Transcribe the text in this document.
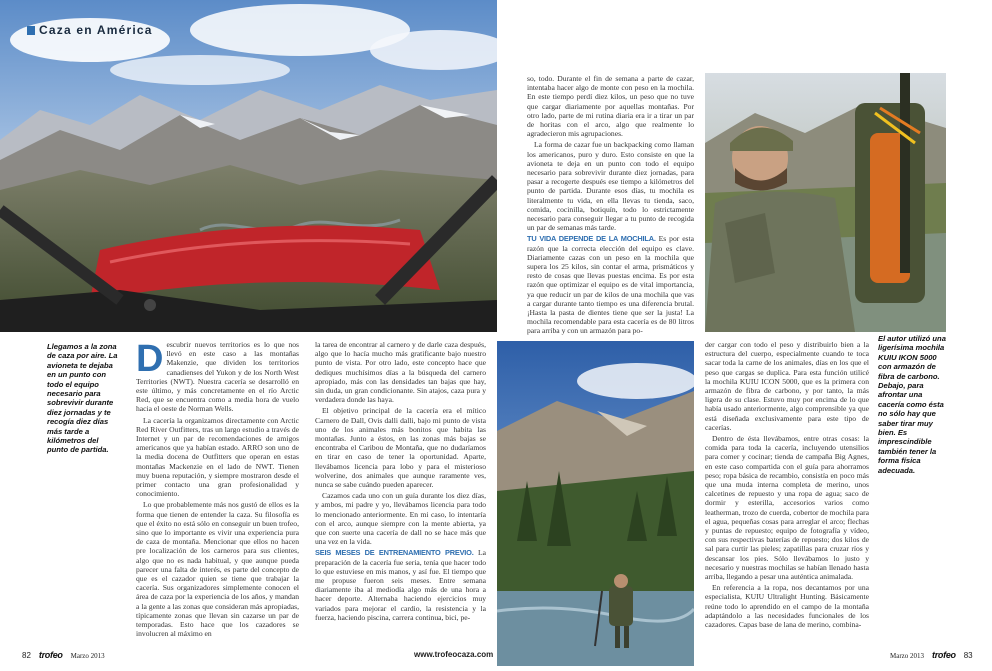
Caza en América
Llegamos a la zona de caza por aire. La avioneta te dejaba en un punto con todo el equipo necesario para sobrevivir durante diez jornadas y te recogía diez días más tarde a kilómetros del punto de partida.
El autor utilizó una ligerísima mochila KUIU IKON 5000 con armazón de fibra de carbono. Debajo, para afrontar una cacería como ésta no sólo hay que saber tirar muy bien. Es imprescindible también tener la forma física adecuada.

Descubrir nuevos territorios es lo que nos llevó en este caso a las montañas Makenzie, que dividen los territorios canadienses del Yukon y de los North West Territories (NWT). Nuestra cacería se desarrolló en este último, y más concretamente en el río Arctic Red, que se encuentra como a media hora de vuelo hacia el oeste de Norman Wells.

La cacería la organizamos directamente con Arctic Red River Outfitters, tras un largo estudio a través de Internet y un par de recomendaciones de amigos americanos que ya habían estado. ARRO son uno de la media docena de Outfitters que operan en estas montañas Mackenzie en el lado de NWT. Tienen muy buena reputación, y siempre mostraron desde el primer contacto una gran profesionalidad y conocimiento.

Lo que probablemente más nos gustó de ellos es la forma que tienen de entender la caza. Su filosofía es que el éxito no está sólo en conseguir un buen trofeo, sino que lo importante es vivir una experiencia pura de caza de montaña. Mencionar que ellos no hacen pre localización de los carneros para sus clientes, algo que no es nada habitual, y que aunque pueda parecer una falta de interés, es parte del concepto de que es el cazador quien se tiene que trabajar la cacería. Sus organizadores simplemente conocen el área de caza por la experiencia de los años, y mandan a la gente a las zonas que consideran más apropiadas, típicamente zonas que llevan sin cazarse un par de temporadas. Esto hace que los cazadores se involucren al máximo en

la tarea de encontrar al carnero y de darle caza después, algo que lo hacía mucho más gratificante bajo nuestro punto de vista. Por otro lado, este concepto hace que dediques muchísimos días a la búsqueda del carnero apropiado, más con las densidades tan bajas que hay, sin duda, un gran condicionante. Sin atajos, caza pura y verdadera donde las haya.

El objetivo principal de la cacería era el mítico Carnero de Dall, Ovis dalli dalli, bajo mi punto de vista uno de los animales más bonitos que habita las montañas. Junto a éstos, en las zonas más bajas se encontraba el Caribou de Montaña, que no dudaríamos en tirar en caso de tener la oportunidad. Aparte, llevábamos licencia para lobo y para el misterioso wolverine, dos animales que aunque raramente ves, nunca se sabe cuándo pueden aparecer.

Cazamos cada uno con un guía durante los diez días, y ambos, mi padre y yo, llevábamos licencia para todo lo mencionado anteriormente. En mi caso, lo intentaría con el arco, aunque siempre con la mente abierta, ya que con suerte una cacería de dall no se hace más que una vez en la vida.

SEIS MESES DE ENTRENAMIENTO PREVIO. La preparación de la cacería fue seria, tenía que hacer todo lo que estuviese en mis manos, y así fue. El tiempo que me propuse fueron seis meses. Entre semana diariamente iba al mediodía algo más de una hora a hacer deporte. Alternaba haciendo ejercicios muy variados para mejorar el cardio, la resistencia y la fuerza, haciendo piscina, carrera continua, bici, pe-

so, todo. Durante el fin de semana a parte de cazar, intentaba hacer algo de monte con peso en la mochila. En este tiempo perdí diez kilos, un peso que no tuve que cargar diariamente por aquellas montañas. Por otro lado, parte de mi rutina diaria era ir a tirar un par de horitas con el arco, algo que realmente lo agradecieron mis agrupaciones.

La forma de cazar fue un backpacking como llaman los americanos, puro y duro. Esto consiste en que la avioneta te deja en un punto con todo el equipo necesario para sobrevivir durante diez jornadas, para pasar a recogerte después ese tiempo a kilómetros del punto de partida. Durante esos días, tu mochila es literalmente tu vida, en ella llevas tu tienda, saco, comida, cocinilla, botiquín, todo lo estrictamente necesario para conseguir llegar a tu punto de recogida un par de semanas más tarde.

TU VIDA DEPENDE DE LA MOCHILA. Es por esta razón que la correcta elección del equipo es clave. Diariamente cazas con un peso en la mochila que supera los 25 kilos, sin contar el arma, prismáticos y resto de cosas que llevas puestas encima. Es por esta razón que optimizar el equipo es de vital importancia, ya que reducir un par de kilos de una mochila que vas a cargar durante tanto tiempo es una diferencia brutal. ¡Hasta la pasta de dientes tiene que ser la justa! La mochila recomendable para esta cacería es de 80 litros para arriba y con un armazón para po-

der cargar con todo el peso y distribuirlo bien a la estructura del cuerpo, especialmente cuando te toca sacar toda la carne de los animales, días en los que el peso que cargas se duplica. Para esta función utilicé la mochila KUIU ICON 5000, que es la primera con armazón de fibra de carbono, y por tanto, la más ligera de su clase. Estuvo muy por encima de lo que había usado anteriormente, algo comprensible ya que está diseñada exclusivamente para este tipo de cacerías.

Dentro de ésta llevábamos, entre otras cosas: la comida para toda la cacería, incluyendo utensilios para comer y cocinar; tienda de campaña Big Agnes, en este caso compartida con el guía para ahorramos peso; ropa básica de recambio, consistía en poco más que una muda interna completa de merino, unos calcetines de repuesto y una ropa de agua; saco de dormir y esterilla, accesorios varios como leatherman, trozo de cuerda, cobertor de mochila para el agua, pequeñas cosas para arreglar el arco; flechas y puntas de repuesto; equipo de fotografía y vídeo, con sus respectivas baterías de repuesto; dos kilos de sal para curtir las pieles; zapatillas para cruzar ríos y descansar los pies. Sólo llevábamos lo justo y necesario y nuestras mochilas se habían llenado hasta arriba, llegando a pesar una auténtica animalada.

En referencia a la ropa, nos decantamos por una especialista, KUIU Ultralight Hunting. Básicamente reúne todo lo aprendido en el campo de la montaña adaptándolo a las necesidades funcionales de los cazadores. Capas base de lana de merino, combina-

82 trofeo Marzo 2013	www.trofeocaza.com	Marzo 2013 trofeo 83
